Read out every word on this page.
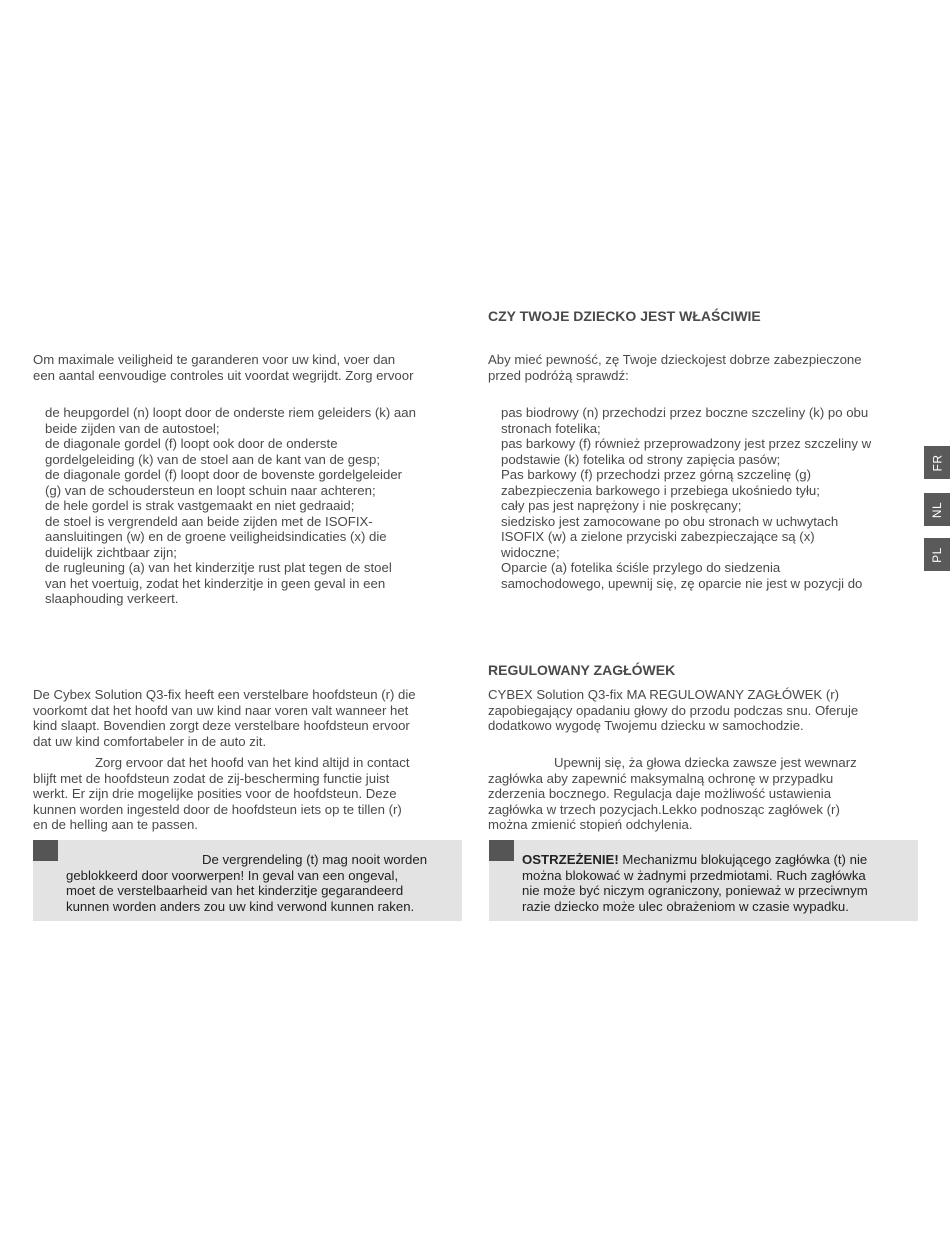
Om maximale veiligheid te garanderen voor uw kind, voer dan
een aantal eenvoudige controles uit voordat wegrijdt. Zorg ervoor
de heupgordel (n) loopt door de onderste riem geleiders (k) aan
beide zijden van de autostoel;
de diagonale gordel (f) loopt ook door de onderste
gordelgeleiding (k) van de stoel aan de kant van de gesp;
de diagonale gordel (f) loopt door de bovenste gordelgeleider
(g) van de schoudersteun en loopt schuin naar achteren;
de hele gordel is strak vastgemaakt en niet gedraaid;
de stoel is vergrendeld aan beide zijden met de ISOFIX-
aansluitingen (w) en de groene veiligheidsindicaties (x) die
duidelijk zichtbaar zijn;
de rugleuning (a) van het kinderzitje rust plat tegen de stoel
van het voertuig, zodat het kinderzitje in geen geval in een
slaaphouding verkeert.
De Cybex Solution Q3-fix heeft een verstelbare hoofdsteun (r) die
voorkomt dat het hoofd van uw kind naar voren valt wanneer het
kind slaapt. Bovendien zorgt deze verstelbare hoofdsteun ervoor
dat uw kind comfortabeler in de auto zit.
Zorg ervoor dat het hoofd van het kind altijd in contact
blijft met de hoofdsteun zodat de zij-bescherming functie juist
werkt. Er zijn drie mogelijke posities voor de hoofdsteun. Deze
kunnen worden ingesteld door de hoofdsteun iets op te tillen (r)
en de helling aan te passen.
De vergrendeling (t) mag nooit worden
geblokkeerd door voorwerpen! In geval van een ongeval,
moet de verstelbaarheid van het kinderzitje gegarandeerd
kunnen worden anders zou uw kind verwond kunnen raken.
CZY TWOJE DZIECKO JEST WŁAŚCIWIE
Aby mieć pewność, zę Twoje dzieckojest dobrze zabezpieczone
przed podróżą sprawdź:
pas biodrowy (n) przechodzi przez boczne szczeliny (k) po obu
stronach fotelika;
pas barkowy (f) również przeprowadzony jest przez szczeliny w
podstawie (k) fotelika od strony zapięcia pasów;
Pas barkowy (f) przechodzi przez górną szczelinę (g)
zabezpieczenia barkowego i przebiega ukośniedo tyłu;
cały pas jest naprężony i nie poskręcany;
siedzisko jest zamocowane po obu stronach w uchwytach
ISOFIX (w) a zielone przyciski zabezpieczające są (x)
widoczne;
Oparcie (a) fotelika ściśle przylego do siedzenia
samochodowego, upewnij się, zę oparcie nie jest w pozycji do
REGULOWANY ZAGŁÓWEK
CYBEX Solution Q3-fix MA REGULOWANY ZAGŁÓWEK (r)
zapobiegający opadaniu głowy do przodu podczas snu. Oferuje
dodatkowo wygodę Twojemu dziecku w samochodzie.
Upewnij się, ża głowa dziecka zawsze jest wewnarz
zagłówka aby zapewnić maksymalną ochronę w przypadku
zderzenia bocznego. Regulacja daje możliwość ustawienia
zagłówka w trzech pozycjach.Lekko podnosząc zagłówek (r)
można zmienić stopień odchylenia.
OSTRZEŻENIE! Mechanizmu blokującego zagłówka (t) nie
można blokować w żadnymi przedmiotami. Ruch zagłówka
nie może być niczym ograniczony, ponieważ w przeciwnym
razie dziecko może ulec obrażeniom w czasie wypadku.
FR
NL
PL
